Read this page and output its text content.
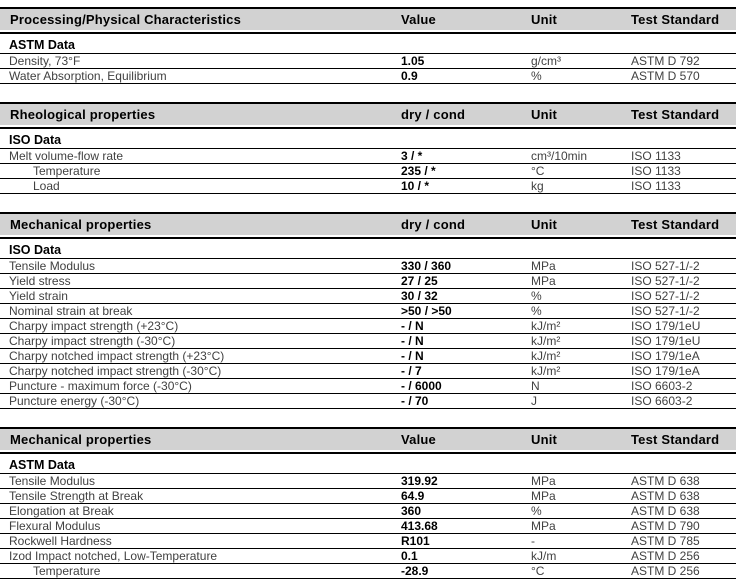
Processing/Physical Characteristics	Value	Unit	Test Standard
ASTM Data
Density, 73°F	1.05	g/cm³	ASTM D 792
Water Absorption, Equilibrium	0.9	%	ASTM D 570
Rheological properties	dry / cond	Unit	Test Standard
ISO Data
Melt volume-flow rate	3 / *	cm³/10min	ISO 1133
Temperature	235 / *	°C	ISO 1133
Load	10 / *	kg	ISO 1133
Mechanical properties	dry / cond	Unit	Test Standard
ISO Data
Tensile Modulus	330 / 360	MPa	ISO 527-1/-2
Yield stress	27 / 25	MPa	ISO 527-1/-2
Yield strain	30 / 32	%	ISO 527-1/-2
Nominal strain at break	>50 / >50	%	ISO 527-1/-2
Charpy impact strength (+23°C)	- / N	kJ/m²	ISO 179/1eU
Charpy impact strength (-30°C)	- / N	kJ/m²	ISO 179/1eU
Charpy notched impact strength (+23°C)	- / N	kJ/m²	ISO 179/1eA
Charpy notched impact strength (-30°C)	- / 7	kJ/m²	ISO 179/1eA
Puncture - maximum force (-30°C)	- / 6000	N	ISO 6603-2
Puncture energy (-30°C)	- / 70	J	ISO 6603-2
Mechanical properties	Value	Unit	Test Standard
ASTM Data
Tensile Modulus	319.92	MPa	ASTM D 638
Tensile Strength at Break	64.9	MPa	ASTM D 638
Elongation at Break	360	%	ASTM D 638
Flexural Modulus	413.68	MPa	ASTM D 790
Rockwell Hardness	R101	-	ASTM D 785
Izod Impact notched, Low-Temperature	0.1	kJ/m	ASTM D 256
Temperature	-28.9	°C	ASTM D 256
